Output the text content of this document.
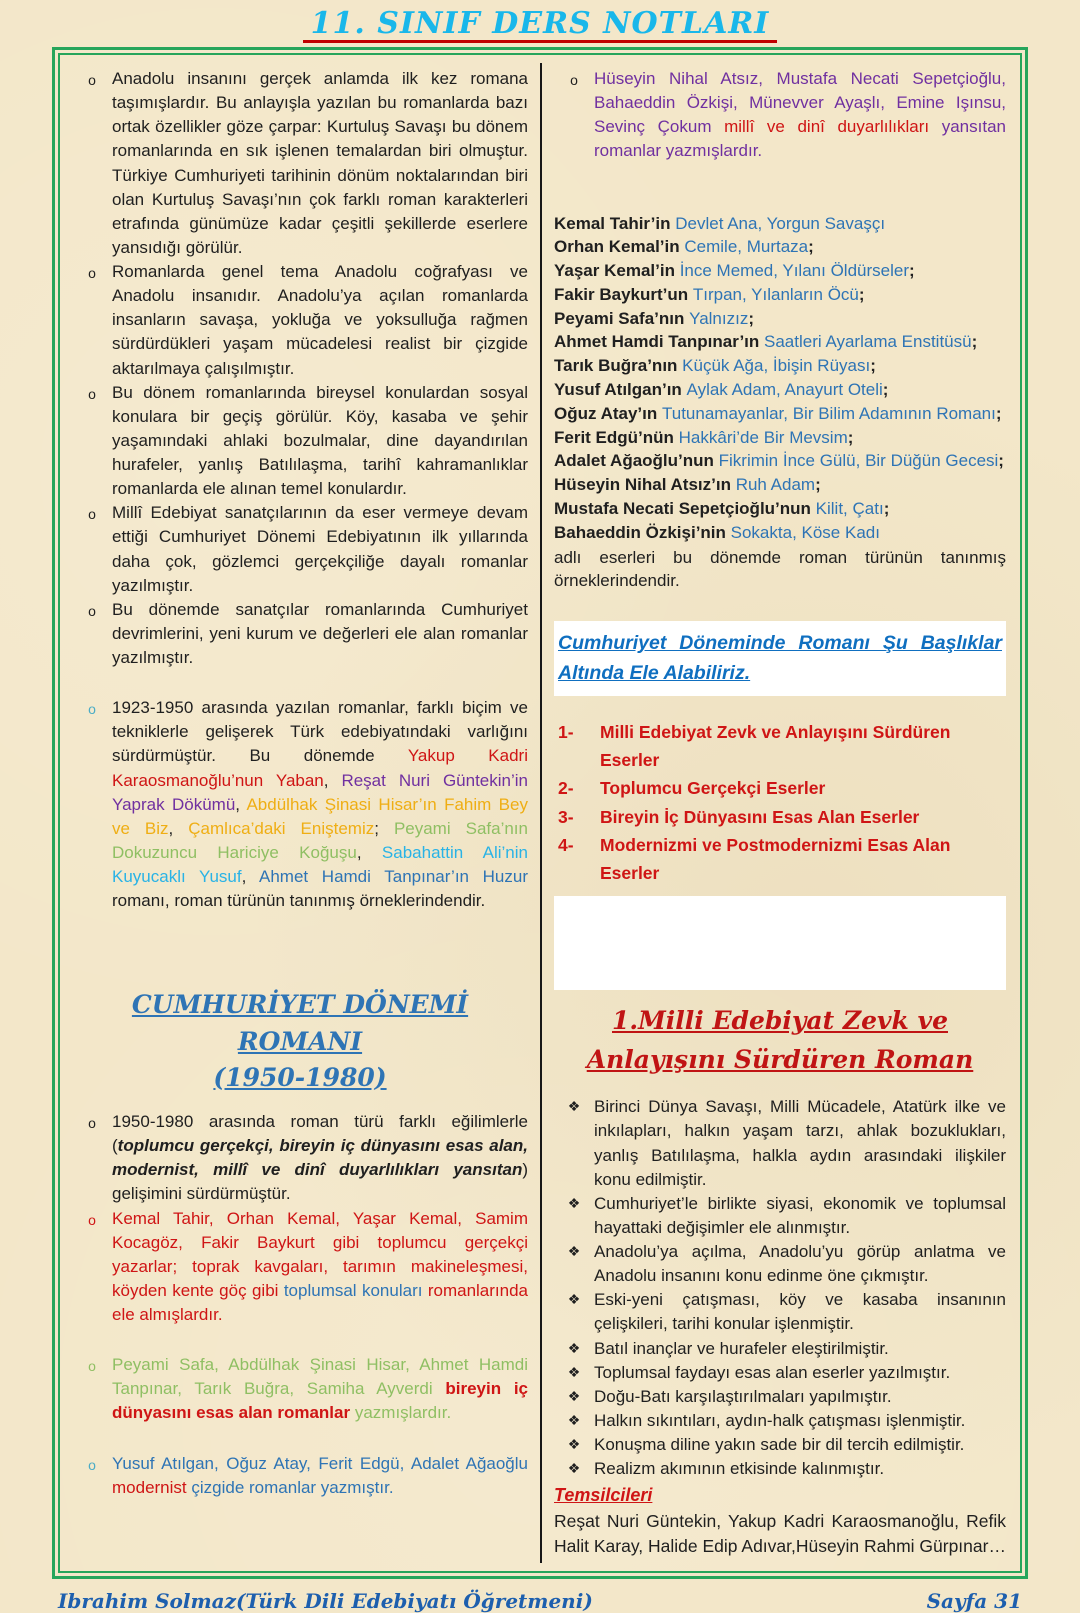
11. SINIF DERS NOTLARI
o Anadolu insanını gerçek anlamda ilk kez romana taşımışlardır. Bu anlayışla yazılan bu romanlarda bazı ortak özellikler göze çarpar: Kurtuluş Savaşı bu dönem romanlarında en sık işlenen temalardan biri olmuştur. Türkiye Cumhuriyeti tarihinin dönüm noktalarından biri olan Kurtuluş Savaşı’nın çok farklı roman karakterleri etrafında günümüze kadar çeşitli şekillerde eserlere yansıdığı görülür.
o Romanlarda genel tema Anadolu coğrafyası ve Anadolu insanıdır. Anadolu’ya açılan romanlarda insanların savaşa, yokluğa ve yoksulluğa rağmen sürdürdükleri yaşam mücadelesi realist bir çizgide aktarılmaya çalışılmıştır.
o Bu dönem romanlarında bireysel konulardan sosyal konulara bir geçiş görülür. Köy, kasaba ve şehir yaşamındaki ahlaki bozulmalar, dine dayandırılan hurafeler, yanlış Batılılaşma, tarihî kahramanlıklar romanlarda ele alınan temel konulardır.
o Millî Edebiyat sanatçılarının da eser vermeye devam ettiği Cumhuriyet Dönemi Edebiyatının ilk yıllarında daha çok, gözlemci gerçekçiliğe dayalı romanlar yazılmıştır.
o Bu dönemde sanatçılar romanlarında Cumhuriyet devrimlerini, yeni kurum ve değerleri ele alan romanlar yazılmıştır.
o 1923-1950 arasında yazılan romanlar, farklı biçim ve tekniklerle gelişerek Türk edebiyatındaki varlığını sürdürmüştür. Bu dönemde Yakup Kadri Karaosmanoğlu’nun Yaban, Reşat Nuri Güntekin’in Yaprak Dökümü, Abdülhak Şinasi Hisar’ın Fahim Bey ve Biz, Çamlıca’daki Eniştemiz; Peyami Safa’nın Dokuzuncu Hariciye Koğuşu, Sabahattin Ali’nin Kuyucaklı Yusuf, Ahmet Hamdi Tanpınar’ın Huzur romanı, roman türünün tanınmış örneklerindendir.
CUMHURİYET DÖNEMİ ROMANI
(1950-1980)
o 1950-1980 arasında roman türü farklı eğilimlerle (toplumcu gerçekçi, bireyin iç dünyasını esas alan, modernist, millî ve dinî duyarlılıkları yansıtan) gelişimini sürdürmüştür.
o Kemal Tahir, Orhan Kemal, Yaşar Kemal, Samim Kocagöz, Fakir Baykurt gibi toplumcu gerçekçi yazarlar; toprak kavgaları, tarımın makineleşmesi, köyden kente göç gibi toplumsal konuları romanlarında ele almışlardır.
o Peyami Safa, Abdülhak Şinasi Hisar, Ahmet Hamdi Tanpınar, Tarık Buğra, Samiha Ayverdi bireyin iç dünyasını esas alan romanlar yazmışlardır.
o Yusuf Atılgan, Oğuz Atay, Ferit Edgü, Adalet Ağaoğlu modernist çizgide romanlar yazmıştır.
o Hüseyin Nihal Atsız, Mustafa Necati Sepetçioğlu, Bahaeddin Özkişi, Münevver Ayaşlı, Emine Işınsu, Sevinç Çokum millî ve dinî duyarlılıkları yansıtan romanlar yazmışlardır.
Kemal Tahir’in Devlet Ana, Yorgun Savaşçı
Orhan Kemal’in Cemile, Murtaza;
Yaşar Kemal’in İnce Memed, Yılanı Öldürseler;
Fakir Baykurt’un Tırpan, Yılanların Öcü;
Peyami Safa’nın Yalnızız;
Ahmet Hamdi Tanpınar’ın Saatleri Ayarlama Enstitüsü;
Tarık Buğra’nın Küçük Ağa, İbişin Rüyası;
Yusuf Atılgan’ın Aylak Adam, Anayurt Oteli;
Oğuz Atay’ın Tutunamayanlar, Bir Bilim Adamının Romanı;
Ferit Edgü’nün Hakkâri’de Bir Mevsim;
Adalet Ağaoğlu’nun Fikrimin İnce Gülü, Bir Düğün Gecesi;
Hüseyin Nihal Atsız’ın Ruh Adam;
Mustafa Necati Sepetçioğlu’nun Kilit, Çatı;
Bahaeddin Özkişi’nin Sokakta, Köse Kadı
adlı eserleri bu dönemde roman türünün tanınmış örneklerindendir.
Cumhuriyet Döneminde Romanı Şu Başlıklar Altında Ele Alabiliriz.
1-	Milli Edebiyat Zevk ve Anlayışını Sürdüren Eserler
2-	Toplumcu Gerçekçi Eserler
3-	Bireyin İç Dünyasını Esas Alan Eserler
4-	Modernizmi ve Postmodernizmi Esas Alan Eserler
1.Milli Edebiyat Zevk ve Anlayışını Sürdüren Roman
❖ Birinci Dünya Savaşı, Milli Mücadele, Atatürk ilke ve inkılapları, halkın yaşam tarzı, ahlak bozuklukları, yanlış Batılılaşma, halkla aydın arasındaki ilişkiler konu edilmiştir.
❖ Cumhuriyet’le birlikte siyasi, ekonomik ve toplumsal hayattaki değişimler ele alınmıştır.
❖ Anadolu’ya açılma, Anadolu’yu görüp anlatma ve Anadolu insanını konu edinme öne çıkmıştır.
❖ Eski-yeni çatışması, köy ve kasaba insanının çelişkileri, tarihi konular işlenmiştir.
❖ Batıl inançlar ve hurafeler eleştirilmiştir.
❖ Toplumsal faydayı esas alan eserler yazılmıştır.
❖ Doğu-Batı karşılaştırılmaları yapılmıştır.
❖ Halkın sıkıntıları, aydın-halk çatışması işlenmiştir.
❖ Konuşma diline yakın sade bir dil tercih edilmiştir.
❖ Realizm akımının etkisinde kalınmıştır.
Temsilcileri
Reşat Nuri Güntekin, Yakup Kadri Karaosmanoğlu, Refik Halit Karay, Halide Edip Adıvar,Hüseyin Rahmi Gürpınar…
Ibrahim Solmaz(Türk Dili Edebiyatı Öğretmeni)	Sayfa 31
